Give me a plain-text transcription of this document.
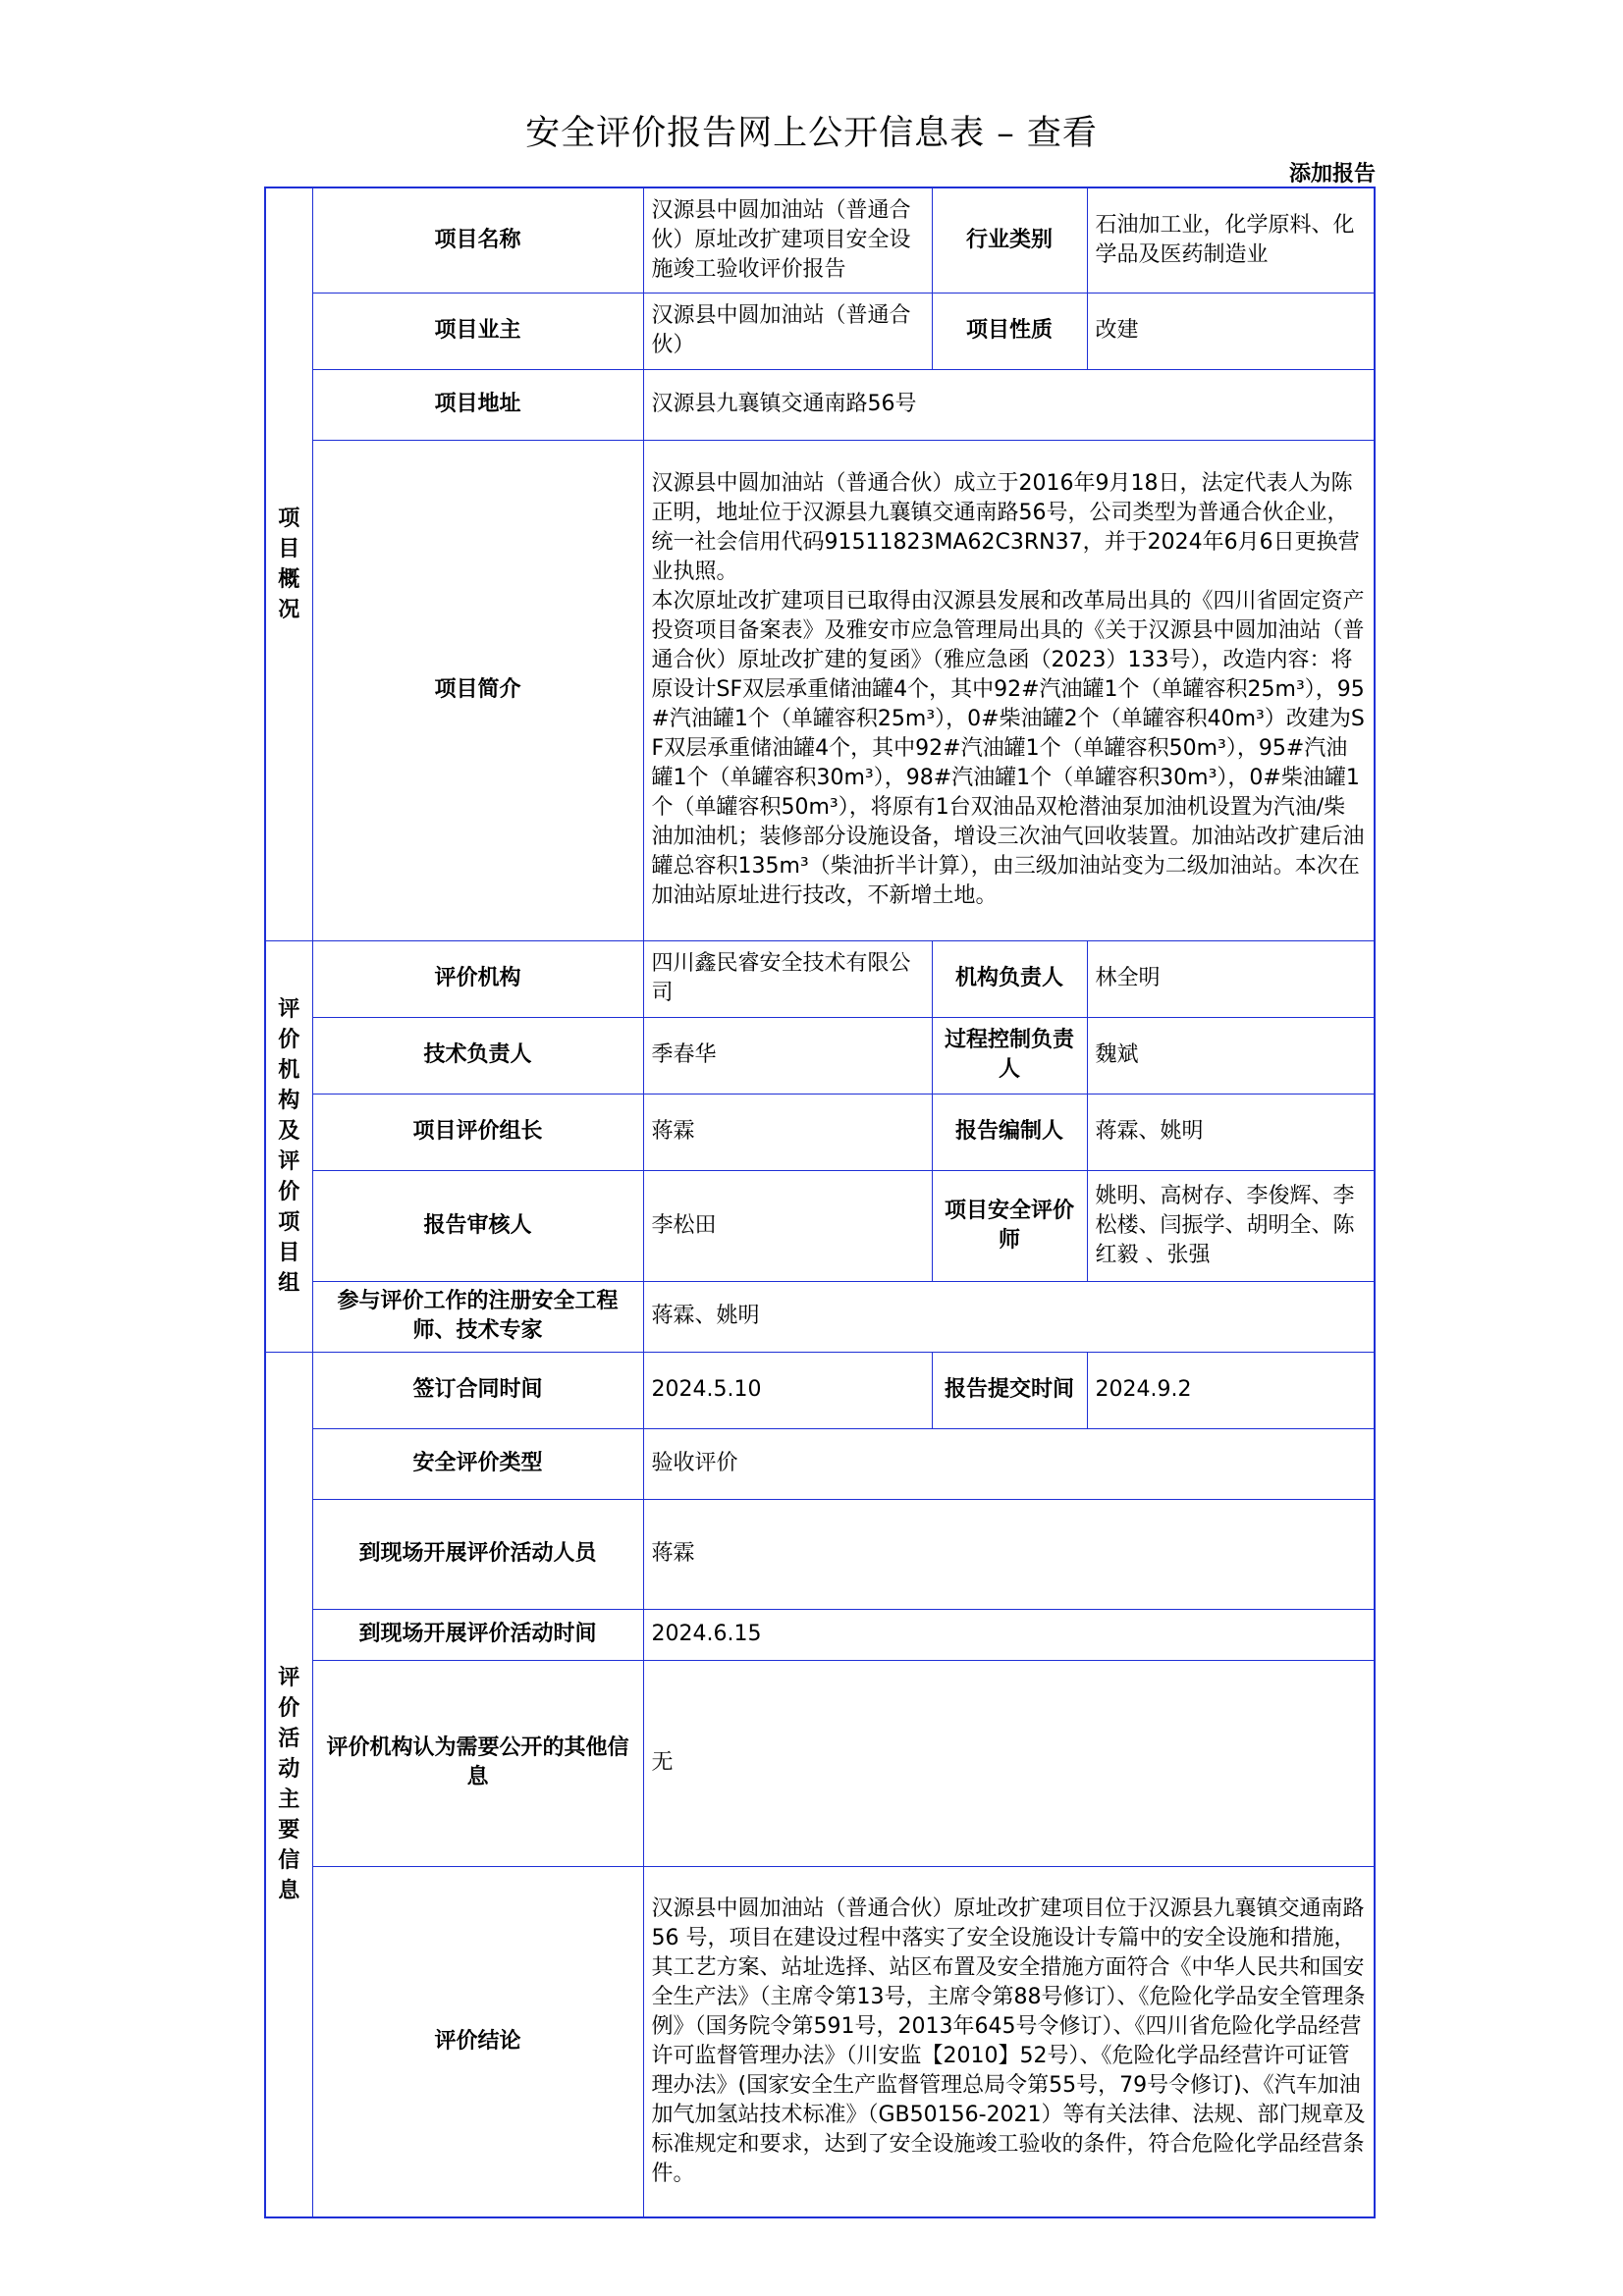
安全评价报告网上公开信息表 – 查看
添加报告
项目概况	项目名称	汉源县中圆加油站（普通合伙）原址改扩建项目安全设施竣工验收评价报告	行业类别	石油加工业，化学原料、化学品及医药制造业
	项目业主	汉源县中圆加油站（普通合伙）	项目性质	改建
	项目地址	汉源县九襄镇交通南路56号		
	项目简介	汉源县中圆加油站（普通合伙）成立于2016年9月18日，法定代表人为陈正明，地址位于汉源县九襄镇交通南路56号，公司类型为普通合伙企业，统一社会信用代码91511823MA62C3RN37，并于2024年6月6日更换营业执照。
本次原址改扩建项目已取得由汉源县发展和改革局出具的《四川省固定资产投资项目备案表》及雅安市应急管理局出具的《关于汉源县中圆加油站（普通合伙）原址改扩建的复函》（雅应急函（2023）133号），改造内容：将原设计SF双层承重储油罐4个，其中92#汽油罐1个（单罐容积25m³），95#汽油罐1个（单罐容积25m³），0#柴油罐2个（单罐容积40m³）改建为SF双层承重储油罐4个，其中92#汽油罐1个（单罐容积50m³），95#汽油罐1个（单罐容积30m³），98#汽油罐1个（单罐容积30m³），0#柴油罐1个（单罐容积50m³），将原有1台双油品双枪潜油泵加油机设置为汽油/柴油加油机；装修部分设施设备，增设三次油气回收装置。加油站改扩建后油罐总容积135m³（柴油折半计算），由三级加油站变为二级加油站。本次在加油站原址进行技改，不新增土地。		

评价机构及评价项目组	评价机构	四川鑫民睿安全技术有限公司	机构负责人	林全明
	技术负责人	季春华	过程控制负责人	魏斌
	项目评价组长	蒋霖	报告编制人	蒋霖、姚明
	报告审核人	李松田	项目安全评价师	姚明、高树存、李俊辉、李松楼、闫振学、胡明全、陈红毅 、张强
	参与评价工作的注册安全工程师、技术专家	蒋霖、姚明		
评价活动主要信息	签订合同时间	2024.5.10	报告提交时间	2024.9.2
	安全评价类型	验收评价		
	到现场开展评价活动人员	蒋霖		
	到现场开展评价活动时间	2024.6.15		
	评价机构认为需要公开的其他信息	无		
	评价结论	汉源县中圆加油站（普通合伙）原址改扩建项目位于汉源县九襄镇交通南路 56 号，项目在建设过程中落实了安全设施设计专篇中的安全设施和措施，其工艺方案、站址选择、站区布置及安全措施方面符合《中华人民共和国安全生产法》（主席令第13号，主席令第88号修订）、《危险化学品安全管理条例》（国务院令第591号，2013年645号令修订）、《四川省危险化学品经营许可监督管理办法》（川安监【2010】52号）、《危险化学品经营许可证管理办法》(国家安全生产监督管理总局令第55号，79号令修订)、《汽车加油加气加氢站技术标准》（GB50156-2021）等有关法律、法规、部门规章及标准规定和要求，达到了安全设施竣工验收的条件，符合危险化学品经营条件。		
